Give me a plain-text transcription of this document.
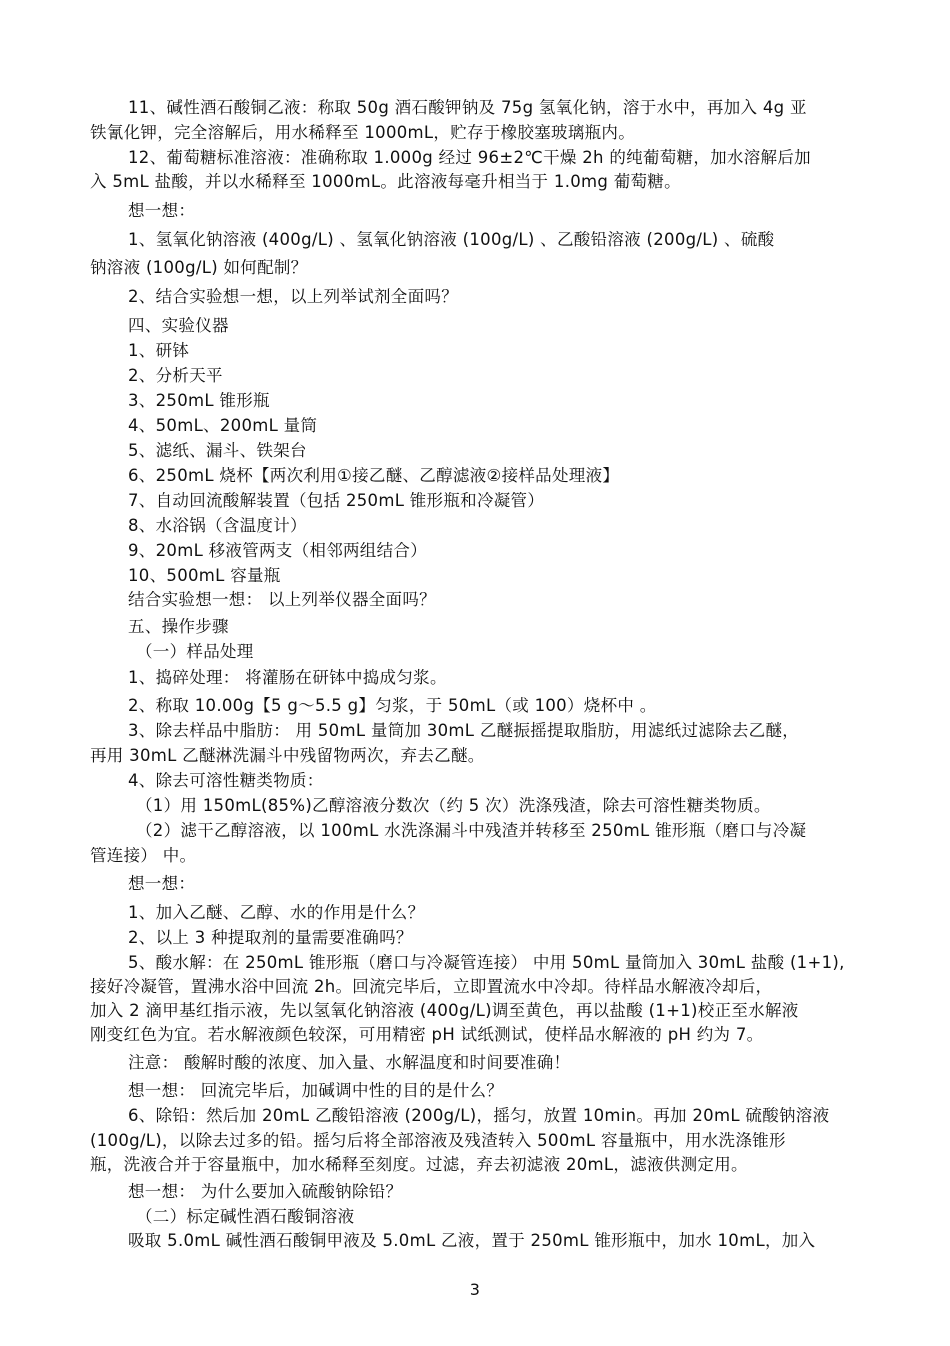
11、碱性酒石酸铜乙液：称取 50g 酒石酸钾钠及 75g 氢氧化钠，溶于水中，再加入 4g 亚
铁氰化钾，完全溶解后，用水稀释至 1000mL，贮存于橡胶塞玻璃瓶内。
12、葡萄糖标准溶液：准确称取 1.000g 经过 96±2℃干燥 2h 的纯葡萄糖，加水溶解后加
入 5mL 盐酸，并以水稀释至 1000mL。此溶液每毫升相当于 1.0mg 葡萄糖。
想一想：
1、氢氧化钠溶液 (400g/L) 、氢氧化钠溶液 (100g/L) 、乙酸铅溶液 (200g/L) 、硫酸
钠溶液 (100g/L) 如何配制？
2、结合实验想一想，以上列举试剂全面吗？
四、实验仪器
1、研钵
2、分析天平
3、250mL 锥形瓶
4、50mL、200mL 量筒
5、滤纸、漏斗、铁架台
6、250mL 烧杯【两次利用①接乙醚、乙醇滤液②接样品处理液】
7、自动回流酸解装置（包括 250mL 锥形瓶和冷凝管）
8、水浴锅（含温度计）
9、20mL 移液管两支（相邻两组结合）
10、500mL 容量瓶
结合实验想一想： 以上列举仪器全面吗？
五、操作步骤
（一）样品处理
1、捣碎处理： 将灌肠在研钵中捣成匀浆。
2、称取 10.00g【5 g～5.5 g】匀浆，于 50mL（或 100）烧杯中 。
3、除去样品中脂肪： 用 50mL 量筒加 30mL 乙醚振摇提取脂肪，用滤纸过滤除去乙醚，
再用 30mL 乙醚淋洗漏斗中残留物两次，弃去乙醚。
4、除去可溶性糖类物质：
（1）用 150mL(85%)乙醇溶液分数次（约 5 次）洗涤残渣，除去可溶性糖类物质。
（2）滤干乙醇溶液，以 100mL 水洗涤漏斗中残渣并转移至 250mL 锥形瓶（磨口与冷凝
管连接） 中。
想一想：
1、加入乙醚、乙醇、水的作用是什么？
2、以上 3 种提取剂的量需要准确吗？
5、酸水解：在 250mL 锥形瓶（磨口与冷凝管连接） 中用 50mL 量筒加入 30mL 盐酸 (1+1),
接好冷凝管，置沸水浴中回流 2h。回流完毕后，立即置流水中冷却。待样品水解液冷却后，
加入 2 滴甲基红指示液，先以氢氧化钠溶液 (400g/L)调至黄色，再以盐酸 (1+1)校正至水解液
刚变红色为宜。若水解液颜色较深，可用精密 pH 试纸测试，使样品水解液的 pH 约为 7。
注意： 酸解时酸的浓度、加入量、水解温度和时间要准确！
想一想： 回流完毕后，加碱调中性的目的是什么？
6、除铅：然后加 20mL 乙酸铅溶液 (200g/L)，摇匀，放置 10min。再加 20mL 硫酸钠溶液
(100g/L)，以除去过多的铅。摇匀后将全部溶液及残渣转入 500mL 容量瓶中，用水洗涤锥形
瓶，洗液合并于容量瓶中，加水稀释至刻度。过滤，弃去初滤液 20mL，滤液供测定用。
想一想： 为什么要加入硫酸钠除铅？
（二）标定碱性酒石酸铜溶液
吸取 5.0mL 碱性酒石酸铜甲液及 5.0mL 乙液，置于 250mL 锥形瓶中，加水 10mL，加入
3
